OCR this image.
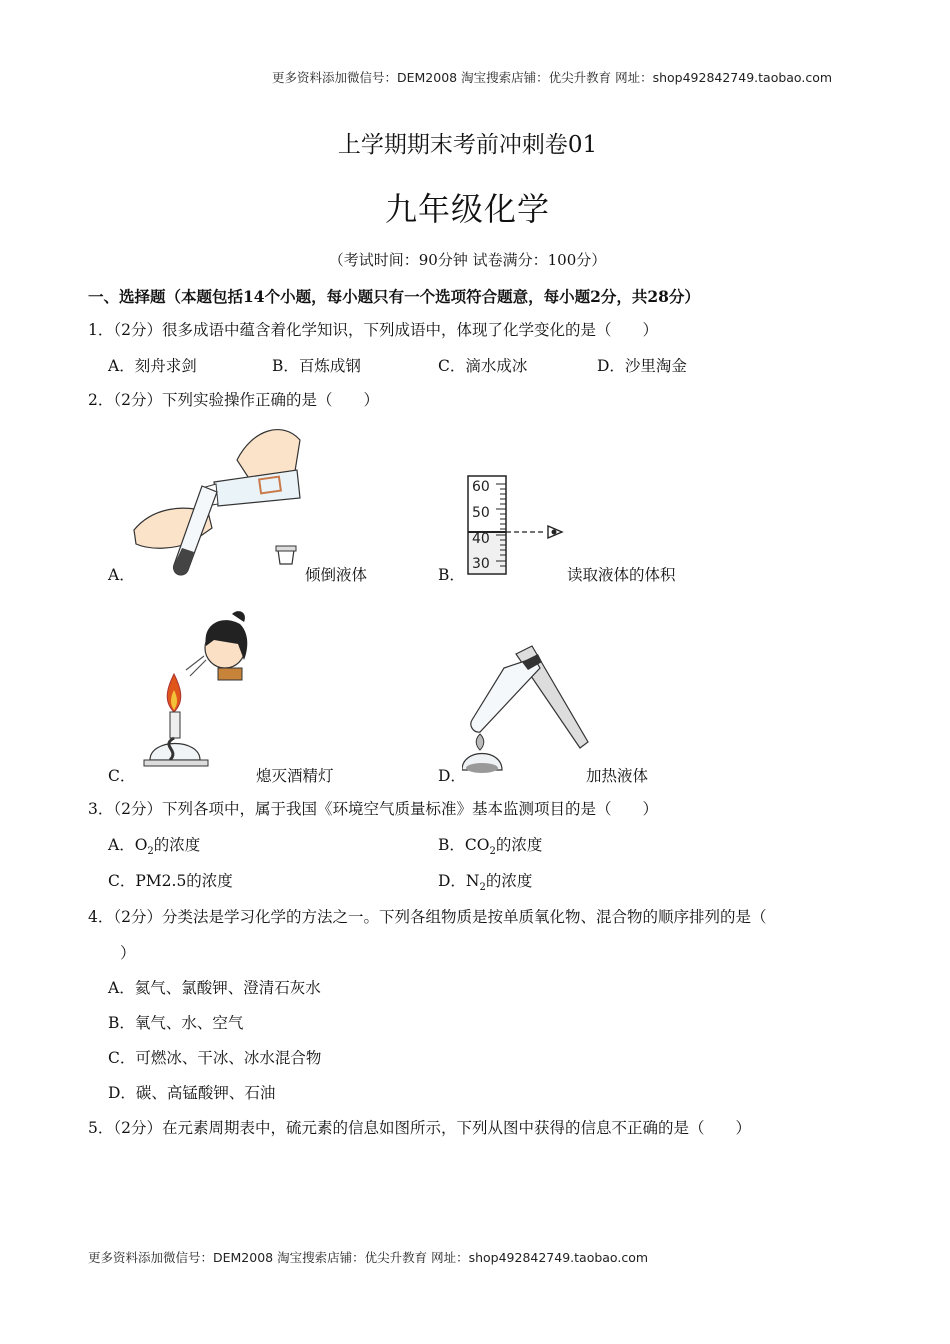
更多资料添加微信号：DEM2008 淘宝搜索店铺：优尖升教育 网址：shop492842749.taobao.com
上学期期末考前冲刺卷01
九年级化学
（考试时间：90分钟 试卷满分：100分）
一、选择题（本题包括14个小题，每小题只有一个选项符合题意，每小题2分，共28分）
1．（2分）很多成语中蕴含着化学知识，下列成语中，体现了化学变化的是（　　）
A．刻舟求剑	B．百炼成钢	C．滴水成冰	D．沙里淘金
2．（2分）下列实验操作正确的是（　　）
A．	倾倒液体
60
50
40
30
B．	读取液体的体积
C．	熄灭酒精灯	D．	加热液体
3．（2分）下列各项中，属于我国《环境空气质量标准》基本监测项目的是（　　）
A．$O_2$的浓度	B．$CO_2$的浓度
C．PM2.5的浓度	D．$N_2$的浓度
4．（2分）分类法是学习化学的方法之一。下列各组物质是按单质氧化物、混合物的顺序排列的是（
）
A．氦气、氯酸钾、澄清石灰水
B．氧气、水、空气
C．可燃冰、干冰、冰水混合物
D．碳、高锰酸钾、石油
5．（2分）在元素周期表中，硫元素的信息如图所示，下列从图中获得的信息不正确的是（　　）
更多资料添加微信号：DEM2008 淘宝搜索店铺：优尖升教育 网址：shop492842749.taobao.com
